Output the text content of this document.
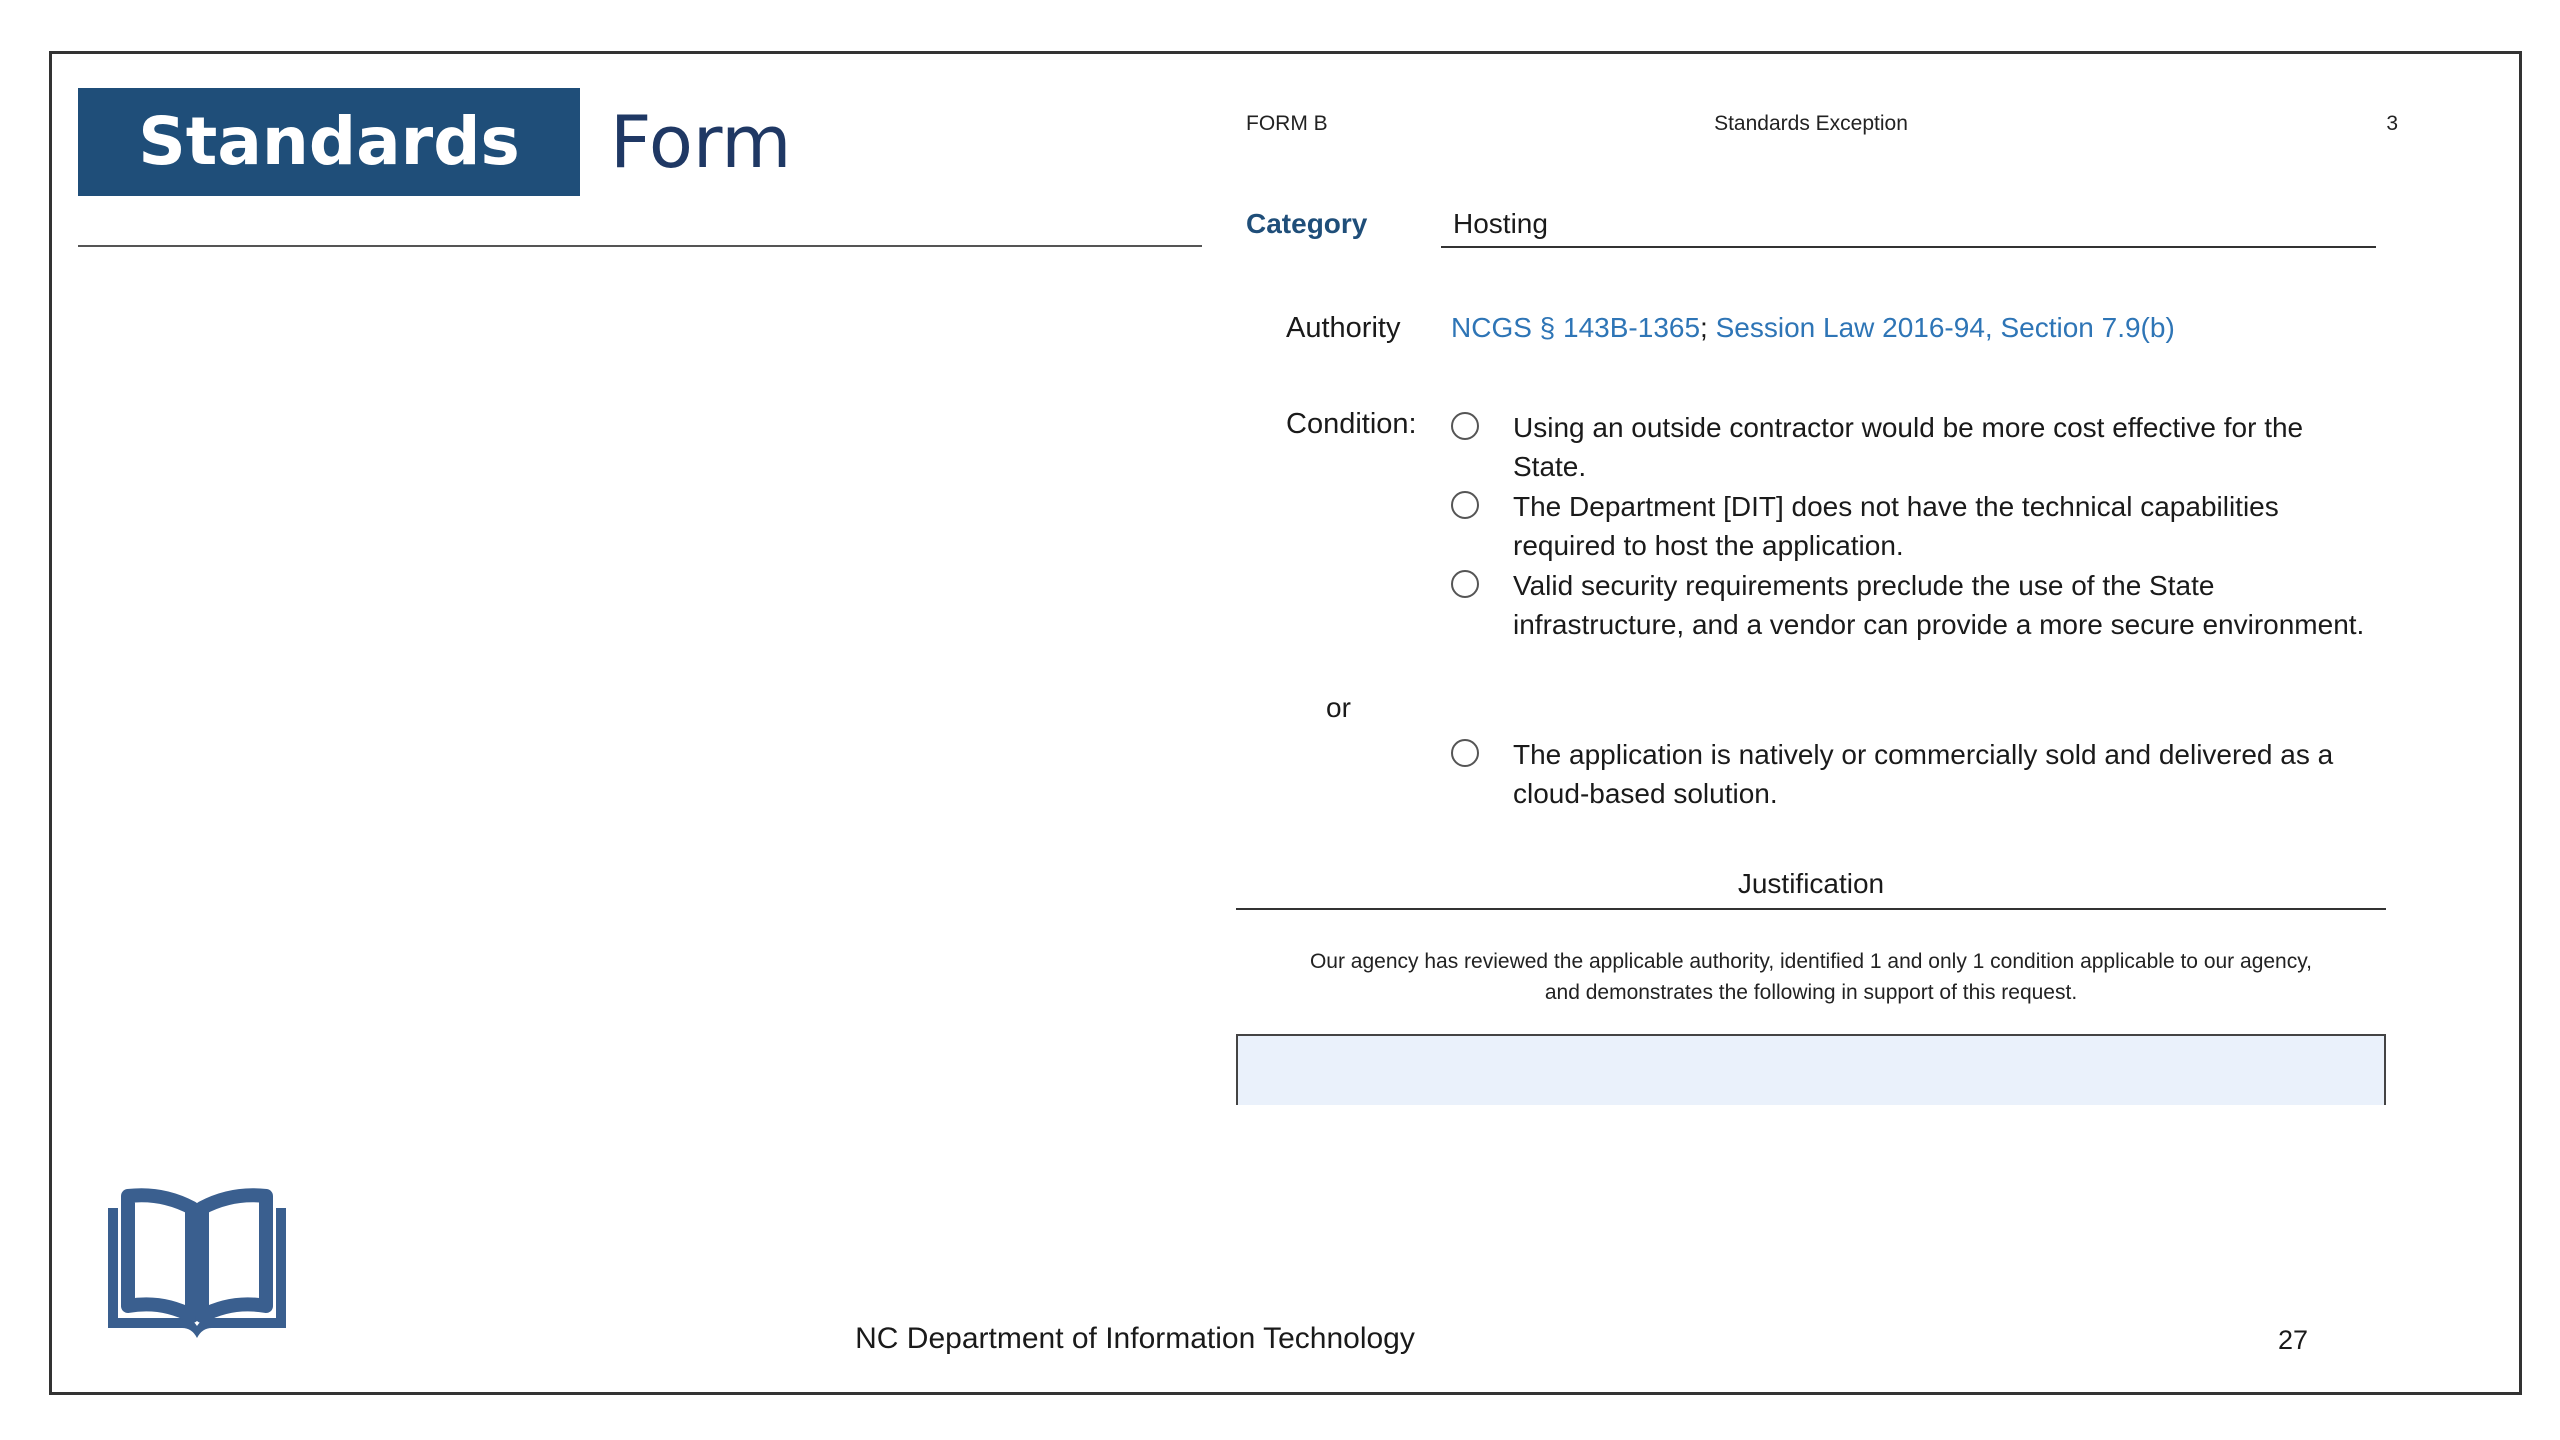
Standards	Form	FORM B	Standards Exception	3
Category	Hosting
Authority NCGS § 143B-1365; Session Law 2016-94, Section 7.9(b)
Condition:	Using an outside contractor would be more cost effective for the State.
The Department [DIT] does not have the technical capabilities required to host the application.
Valid security requirements preclude the use of the State infrastructure, and a vendor can provide a more secure environment.
or
The application is natively or commercially sold and delivered as a cloud-based solution.
Justification
Our agency has reviewed the applicable authority, identified 1 and only 1 condition applicable to our agency,
and demonstrates the following in support of this request.
NC Department of Information Technology	27
